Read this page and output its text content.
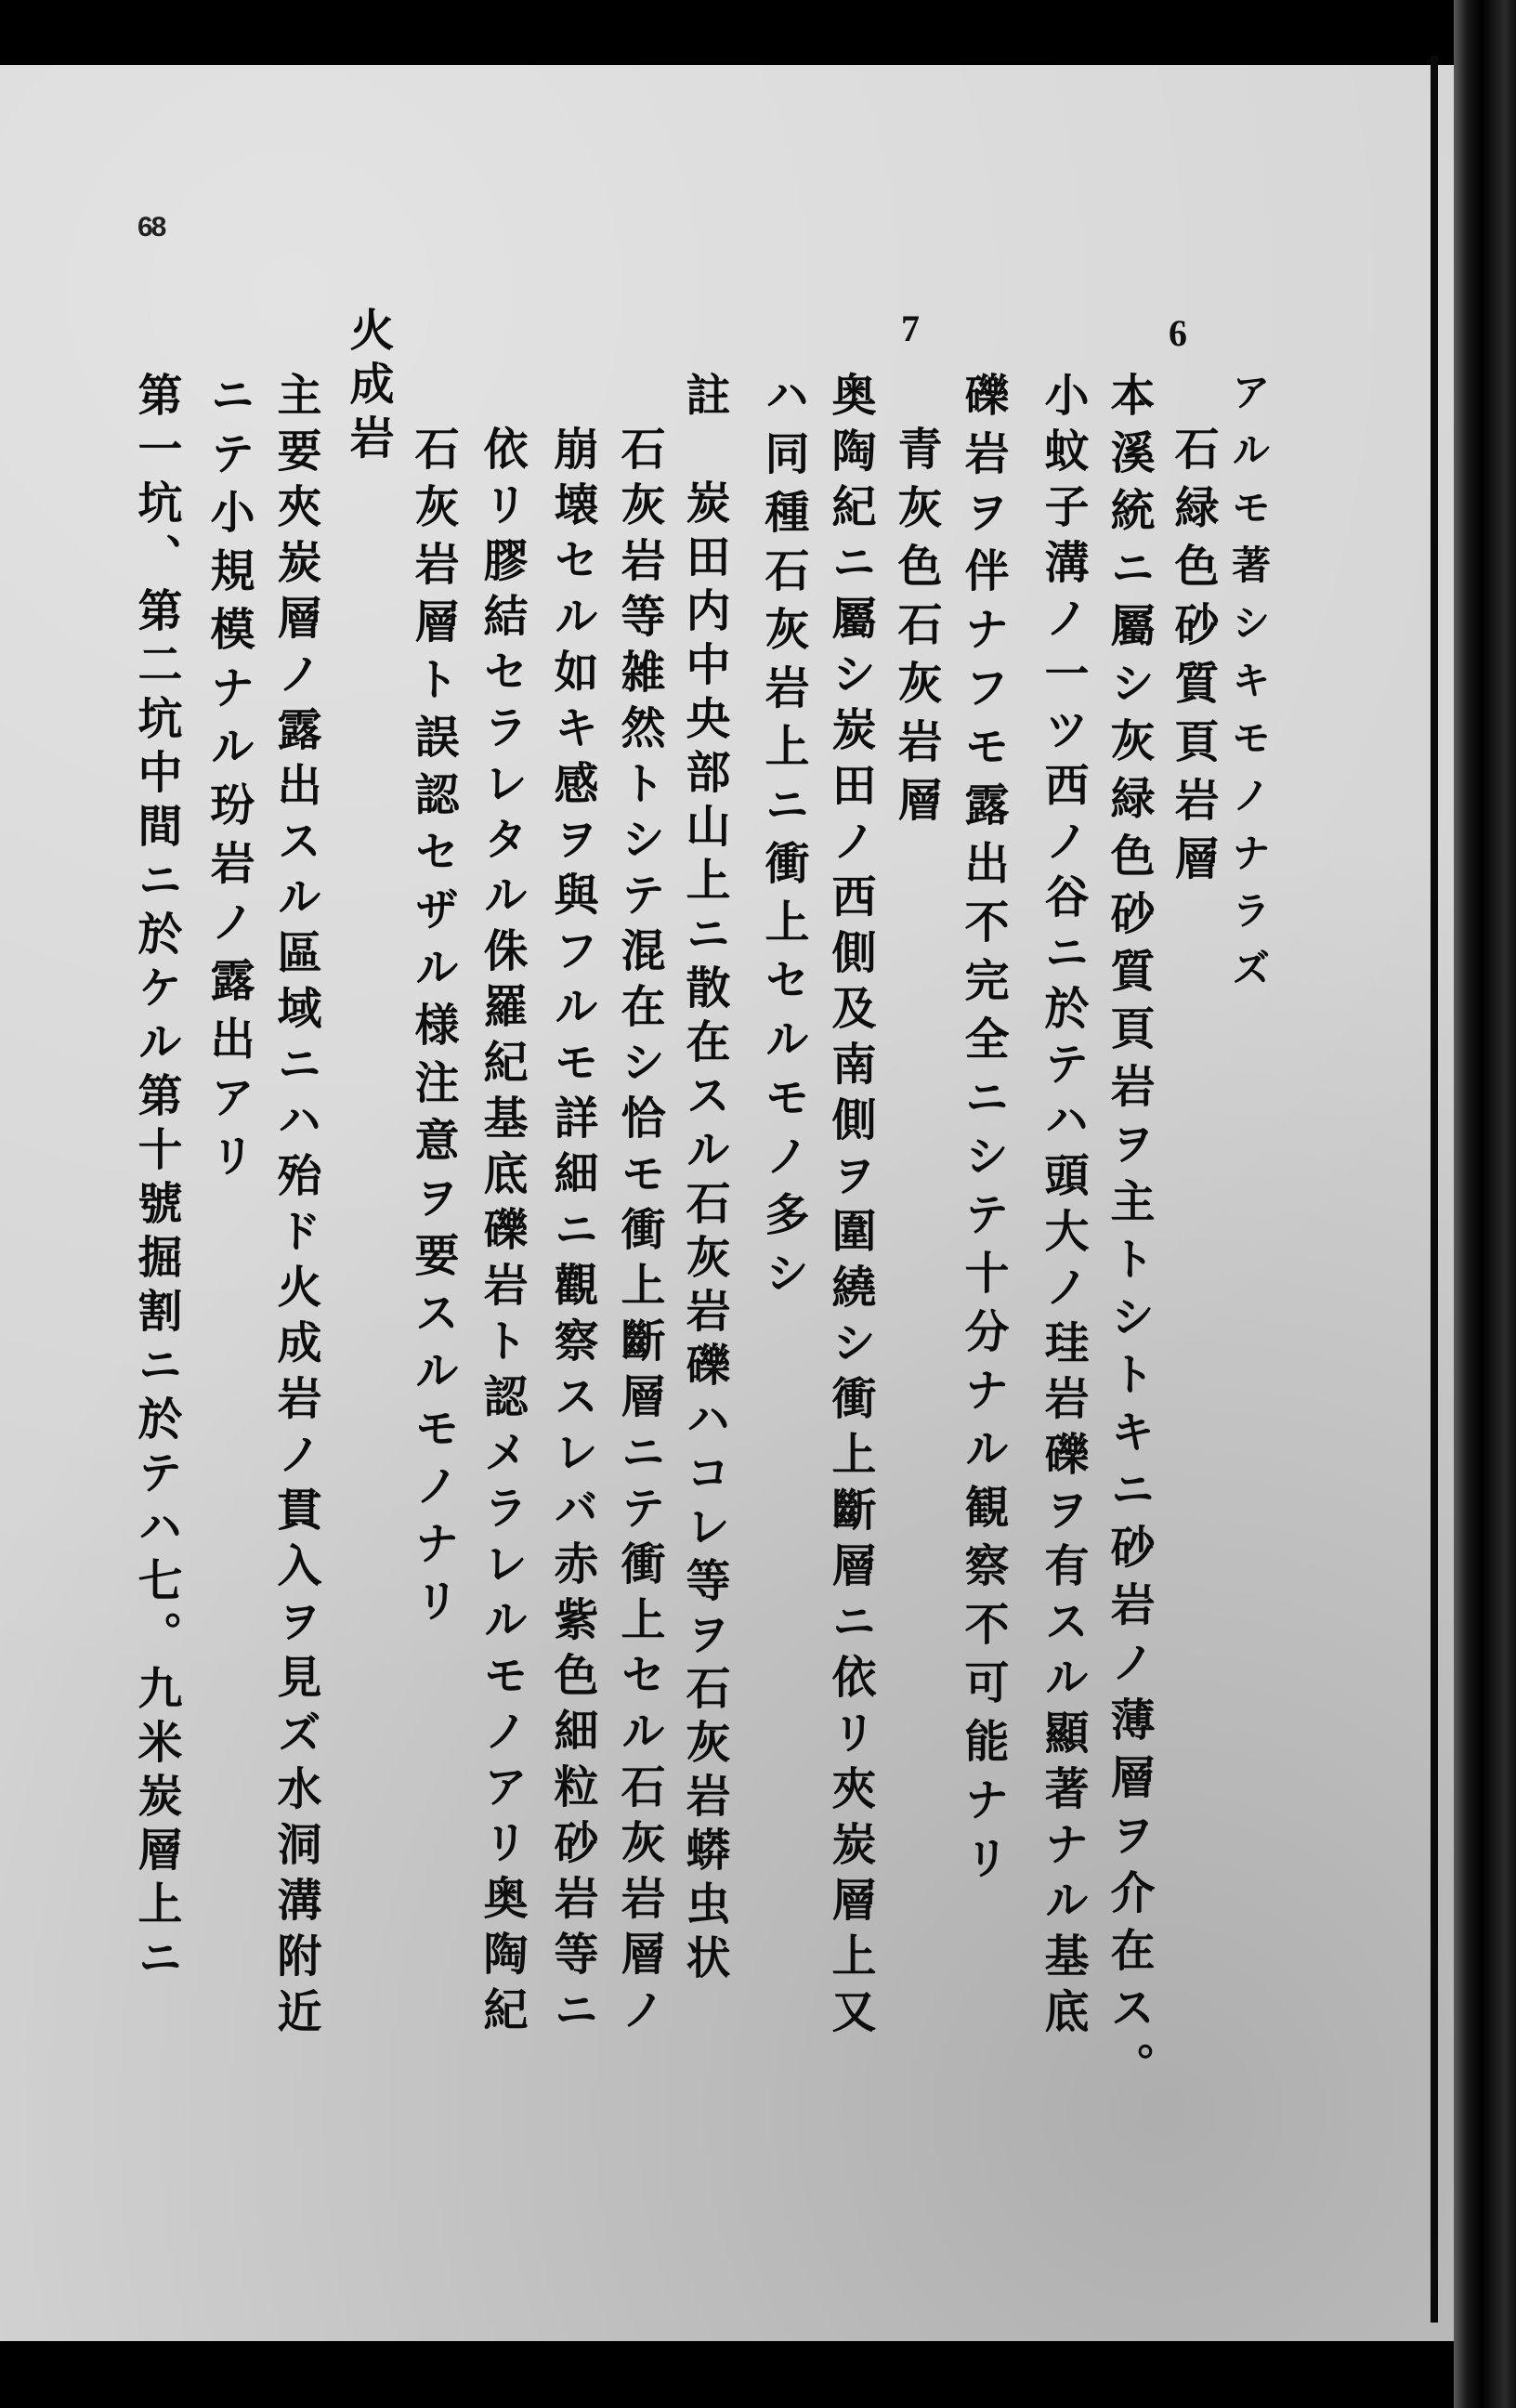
68
6
7
アルモ著シキモノナラズ
石緑色砂質頁岩層
本溪統ニ屬シ灰緑色砂質頁岩ヲ主トシトキニ砂岩ノ薄層ヲ介在ス。
小蚊子溝ノ一ツ西ノ谷ニ於テハ頭大ノ珪岩礫ヲ有スル顯著ナル基底
礫岩ヲ伴ナフモ露出不完全ニシテ十分ナル観察不可能ナリ
青灰色石灰岩層
奥陶紀ニ屬シ炭田ノ西側及南側ヲ圍繞シ衝上斷層ニ依リ夾炭層上又
ハ同種石灰岩上ニ衝上セルモノ多シ
註　炭田内中央部山上ニ散在スル石灰岩礫ハコレ等ヲ石灰岩蟒虫状
石灰岩等雑然トシテ混在シ恰モ衝上斷層ニテ衝上セル石灰岩層ノ
崩壊セル如キ感ヲ與フルモ詳細ニ觀察スレバ赤紫色細粒砂岩等ニ
依リ膠結セラレタル侏羅紀基底礫岩ト認メラレルモノアリ奥陶紀
石灰岩層ト誤認セザル様注意ヲ要スルモノナリ
火成岩
主要夾炭層ノ露出スル區域ニハ殆ド火成岩ノ貫入ヲ見ズ水洞溝附近
ニテ小規模ナル玢岩ノ露出アリ
第一坑、第二坑中間ニ於ケル第十號掘割ニ於テハ七。九米炭層上ニ
